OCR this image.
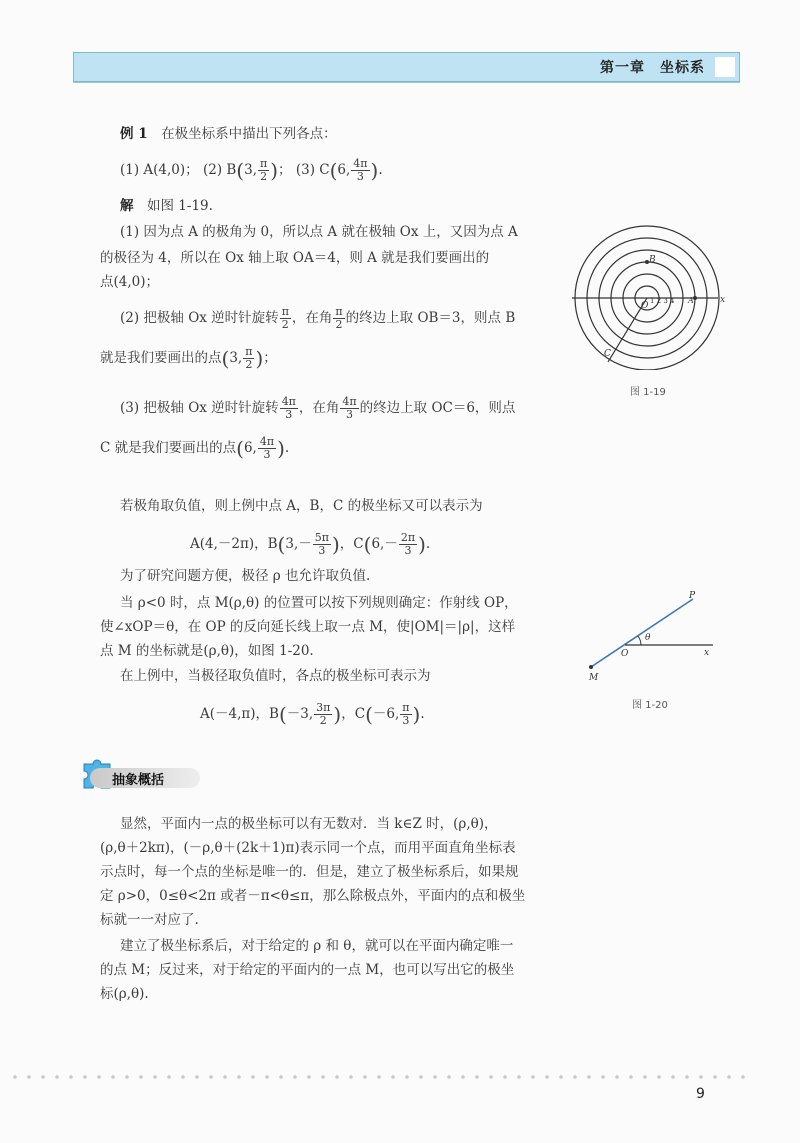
第一章　坐标系
例 1　 在极坐标系中描出下列各点：
(1) A(4,0)； (2) B(3, $\frac{\pi}{2}$ )； (3) C(6, $\frac{4\pi}{3}$ ).
解　 如图 1-19.
(1) 因为点 A 的极角为 0，所以点 A 就在极轴 Ox 上，又因为点 A
的极径为 4，所以在 Ox 轴上取 OA＝4，则 A 就是我们要画出的
点(4,0)；
(2) 把极轴 Ox 逆时针旋转 $\frac{\pi}{2}$ ，在角 $\frac{\pi}{2}$ 的终边上取 OB＝3，则点 B
就是我们要画出的点(3, $\frac{\pi}{2}$ )；
(3) 把极轴 Ox 逆时针旋转 $\frac{4\pi}{3}$ ，在角 $\frac{4\pi}{3}$ 的终边上取 OC＝6，则点
C 就是我们要画出的点(6, $\frac{4\pi}{3}$ ).
B
O 1 2 3 4 A	x
C
图 1-19
若极角取负值，则上例中点 A，B，C 的极坐标又可以表示为
A(4,－2π)，$B(3,- \frac{5\pi}{3}$ )，$C(6,- \frac{2\pi}{3}$ ).
为了研究问题方便，极径 ρ 也允许取负值.
当 ρ<0 时，点 M(ρ,θ) 的位置可以按下列规则确定：作射线 OP，
使∠xOP＝θ，在 OP 的反向延长线上取一点 M，使|OM|＝|ρ|，这样
点 M 的坐标就是(ρ,θ)，如图 1-20.
在上例中，当极径取负值时，各点的极坐标可表示为
A(－4,π)，B(－3, $\frac{3\pi}{2}$ )，C(－6, $\frac{\pi}{3}$ ).
P
θ
O	x
M
图 1-20
抽象概括
显然，平面内一点的极坐标可以有无数对．当 k∈Z 时，(ρ,θ)，
(ρ,θ＋2kπ)，(－ρ,θ＋(2k＋1)π)表示同一个点，而用平面直角坐标表
示点时，每一个点的坐标是唯一的．但是，建立了极坐标系后，如果规
定 ρ>0，0≤θ<2π 或者－π<θ≤π，那么除极点外，平面内的点和极坐
标就一一对应了.
建立了极坐标系后，对于给定的 ρ 和 θ，就可以在平面内确定唯一
的点 M；反过来，对于给定的平面内的一点 M，也可以写出它的极坐
标(ρ,θ).
9
